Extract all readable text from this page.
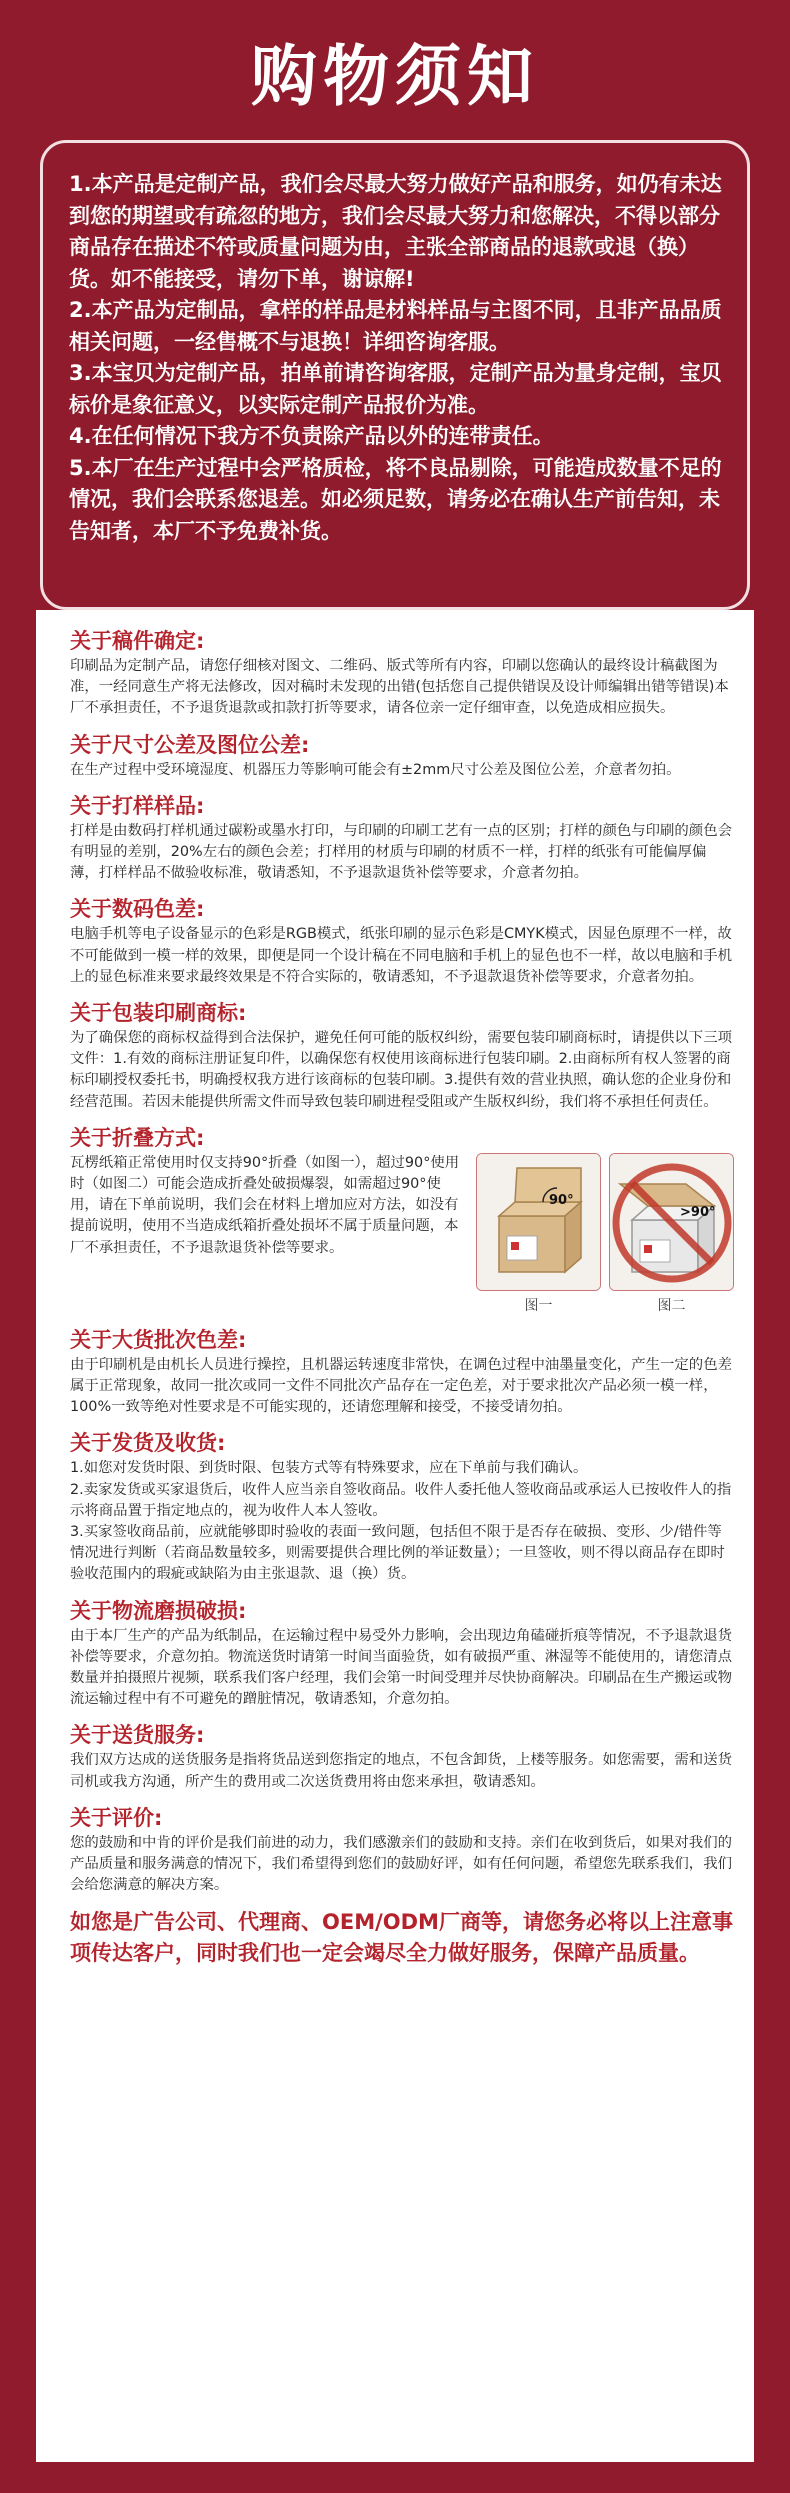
购物须知

1.本产品是定制产品，我们会尽最大努力做好产品和服务，如仍有未达到您的期望或有疏忽的地方，我们会尽最大努力和您解决，不得以部分商品存在描述不符或质量问题为由，主张全部商品的退款或退（换）货。如不能接受，请勿下单，谢谅解!

2.本产品为定制品，拿样的样品是材料样品与主图不同，且非产品品质相关问题，一经售概不与退换！详细咨询客服。

3.本宝贝为定制产品，拍单前请咨询客服，定制产品为量身定制，宝贝标价是象征意义，以实际定制产品报价为准。

4.在任何情况下我方不负责除产品以外的连带责任。

5.本厂在生产过程中会严格质检，将不良品剔除，可能造成数量不足的情况，我们会联系您退差。如必须足数，请务必在确认生产前告知，未告知者，本厂不予免费补货。

关于稿件确定:
印刷品为定制产品，请您仔细核对图文、二维码、版式等所有内容，印刷以您确认的最终设计稿截图为准，一经同意生产将无法修改，因对稿时未发现的出错(包括您自己提供错误及设计师编辑出错等错误)本厂不承担责任，不予退货退款或扣款打折等要求，请各位亲一定仔细审查，以免造成相应损失。
关于尺寸公差及图位公差:
在生产过程中受环境湿度、机器压力等影响可能会有±2mm尺寸公差及图位公差，介意者勿拍。
关于打样样品:
打样是由数码打样机通过碳粉或墨水打印，与印刷的印刷工艺有一点的区别；打样的颜色与印刷的颜色会有明显的差别，20%左右的颜色会差；打样用的材质与印刷的材质不一样，打样的纸张有可能偏厚偏薄，打样样品不做验收标准，敬请悉知，不予退款退货补偿等要求，介意者勿拍。
关于数码色差:
电脑手机等电子设备显示的色彩是RGB模式，纸张印刷的显示色彩是CMYK模式，因显色原理不一样，故不可能做到一模一样的效果，即便是同一个设计稿在不同电脑和手机上的显色也不一样，故以电脑和手机上的显色标准来要求最终效果是不符合实际的，敬请悉知，不予退款退货补偿等要求，介意者勿拍。
关于包装印刷商标:
为了确保您的商标权益得到合法保护，避免任何可能的版权纠纷，需要包装印刷商标时，请提供以下三项文件：1.有效的商标注册证复印件，以确保您有权使用该商标进行包装印刷。2.由商标所有权人签署的商标印刷授权委托书，明确授权我方进行该商标的包装印刷。3.提供有效的营业执照，确认您的企业身份和经营范围。若因未能提供所需文件而导致包装印刷进程受阻或产生版权纠纷，我们将不承担任何责任。
关于折叠方式:
瓦楞纸箱正常使用时仅支持90°折叠（如图一），超过90°使用时（如图二）可能会造成折叠处破损爆裂，如需超过90°使用，请在下单前说明，我们会在材料上增加应对方法，如没有提前说明，使用不当造成纸箱折叠处损坏不属于质量问题，本厂不承担责任，不予退款退货补偿等要求。
90°
图一
>90°
图二
关于大货批次色差:
由于印刷机是由机长人员进行操控，且机器运转速度非常快，在调色过程中油墨量变化，产生一定的色差属于正常现象，故同一批次或同一文件不同批次产品存在一定色差，对于要求批次产品必须一模一样，100%一致等绝对性要求是不可能实现的，还请您理解和接受，不接受请勿拍。
关于发货及收货:

1.如您对发货时限、到货时限、包装方式等有特殊要求，应在下单前与我们确认。

2.卖家发货或买家退货后，收件人应当亲自签收商品。收件人委托他人签收商品或承运人已按收件人的指示将商品置于指定地点的，视为收件人本人签收。

3.买家签收商品前，应就能够即时验收的表面一致问题，包括但不限于是否存在破损、变形、少/错件等情况进行判断（若商品数量较多，则需要提供合理比例的举证数量）；一旦签收，则不得以商品存在即时验收范围内的瑕疵或缺陷为由主张退款、退（换）货。

关于物流磨损破损:
由于本厂生产的产品为纸制品，在运输过程中易受外力影响，会出现边角磕碰折痕等情况，不予退款退货补偿等要求，介意勿拍。物流送货时请第一时间当面验货，如有破损严重、淋湿等不能使用的，请您清点数量并拍摄照片视频，联系我们客户经理，我们会第一时间受理并尽快协商解决。印刷品在生产搬运或物流运输过程中有不可避免的蹭脏情况，敬请悉知，介意勿拍。
关于送货服务:
我们双方达成的送货服务是指将货品送到您指定的地点，不包含卸货，上楼等服务。如您需要，需和送货司机或我方沟通，所产生的费用或二次送货费用将由您来承担，敬请悉知。
关于评价:
您的鼓励和中肯的评价是我们前进的动力，我们感激亲们的鼓励和支持。亲们在收到货后，如果对我们的产品质量和服务满意的情况下，我们希望得到您们的鼓励好评，如有任何问题，希望您先联系我们，我们会给您满意的解决方案。
如您是广告公司、代理商、OEM/ODM厂商等，请您务必将以上注意事项传达客户，同时我们也一定会竭尽全力做好服务，保障产品质量。
